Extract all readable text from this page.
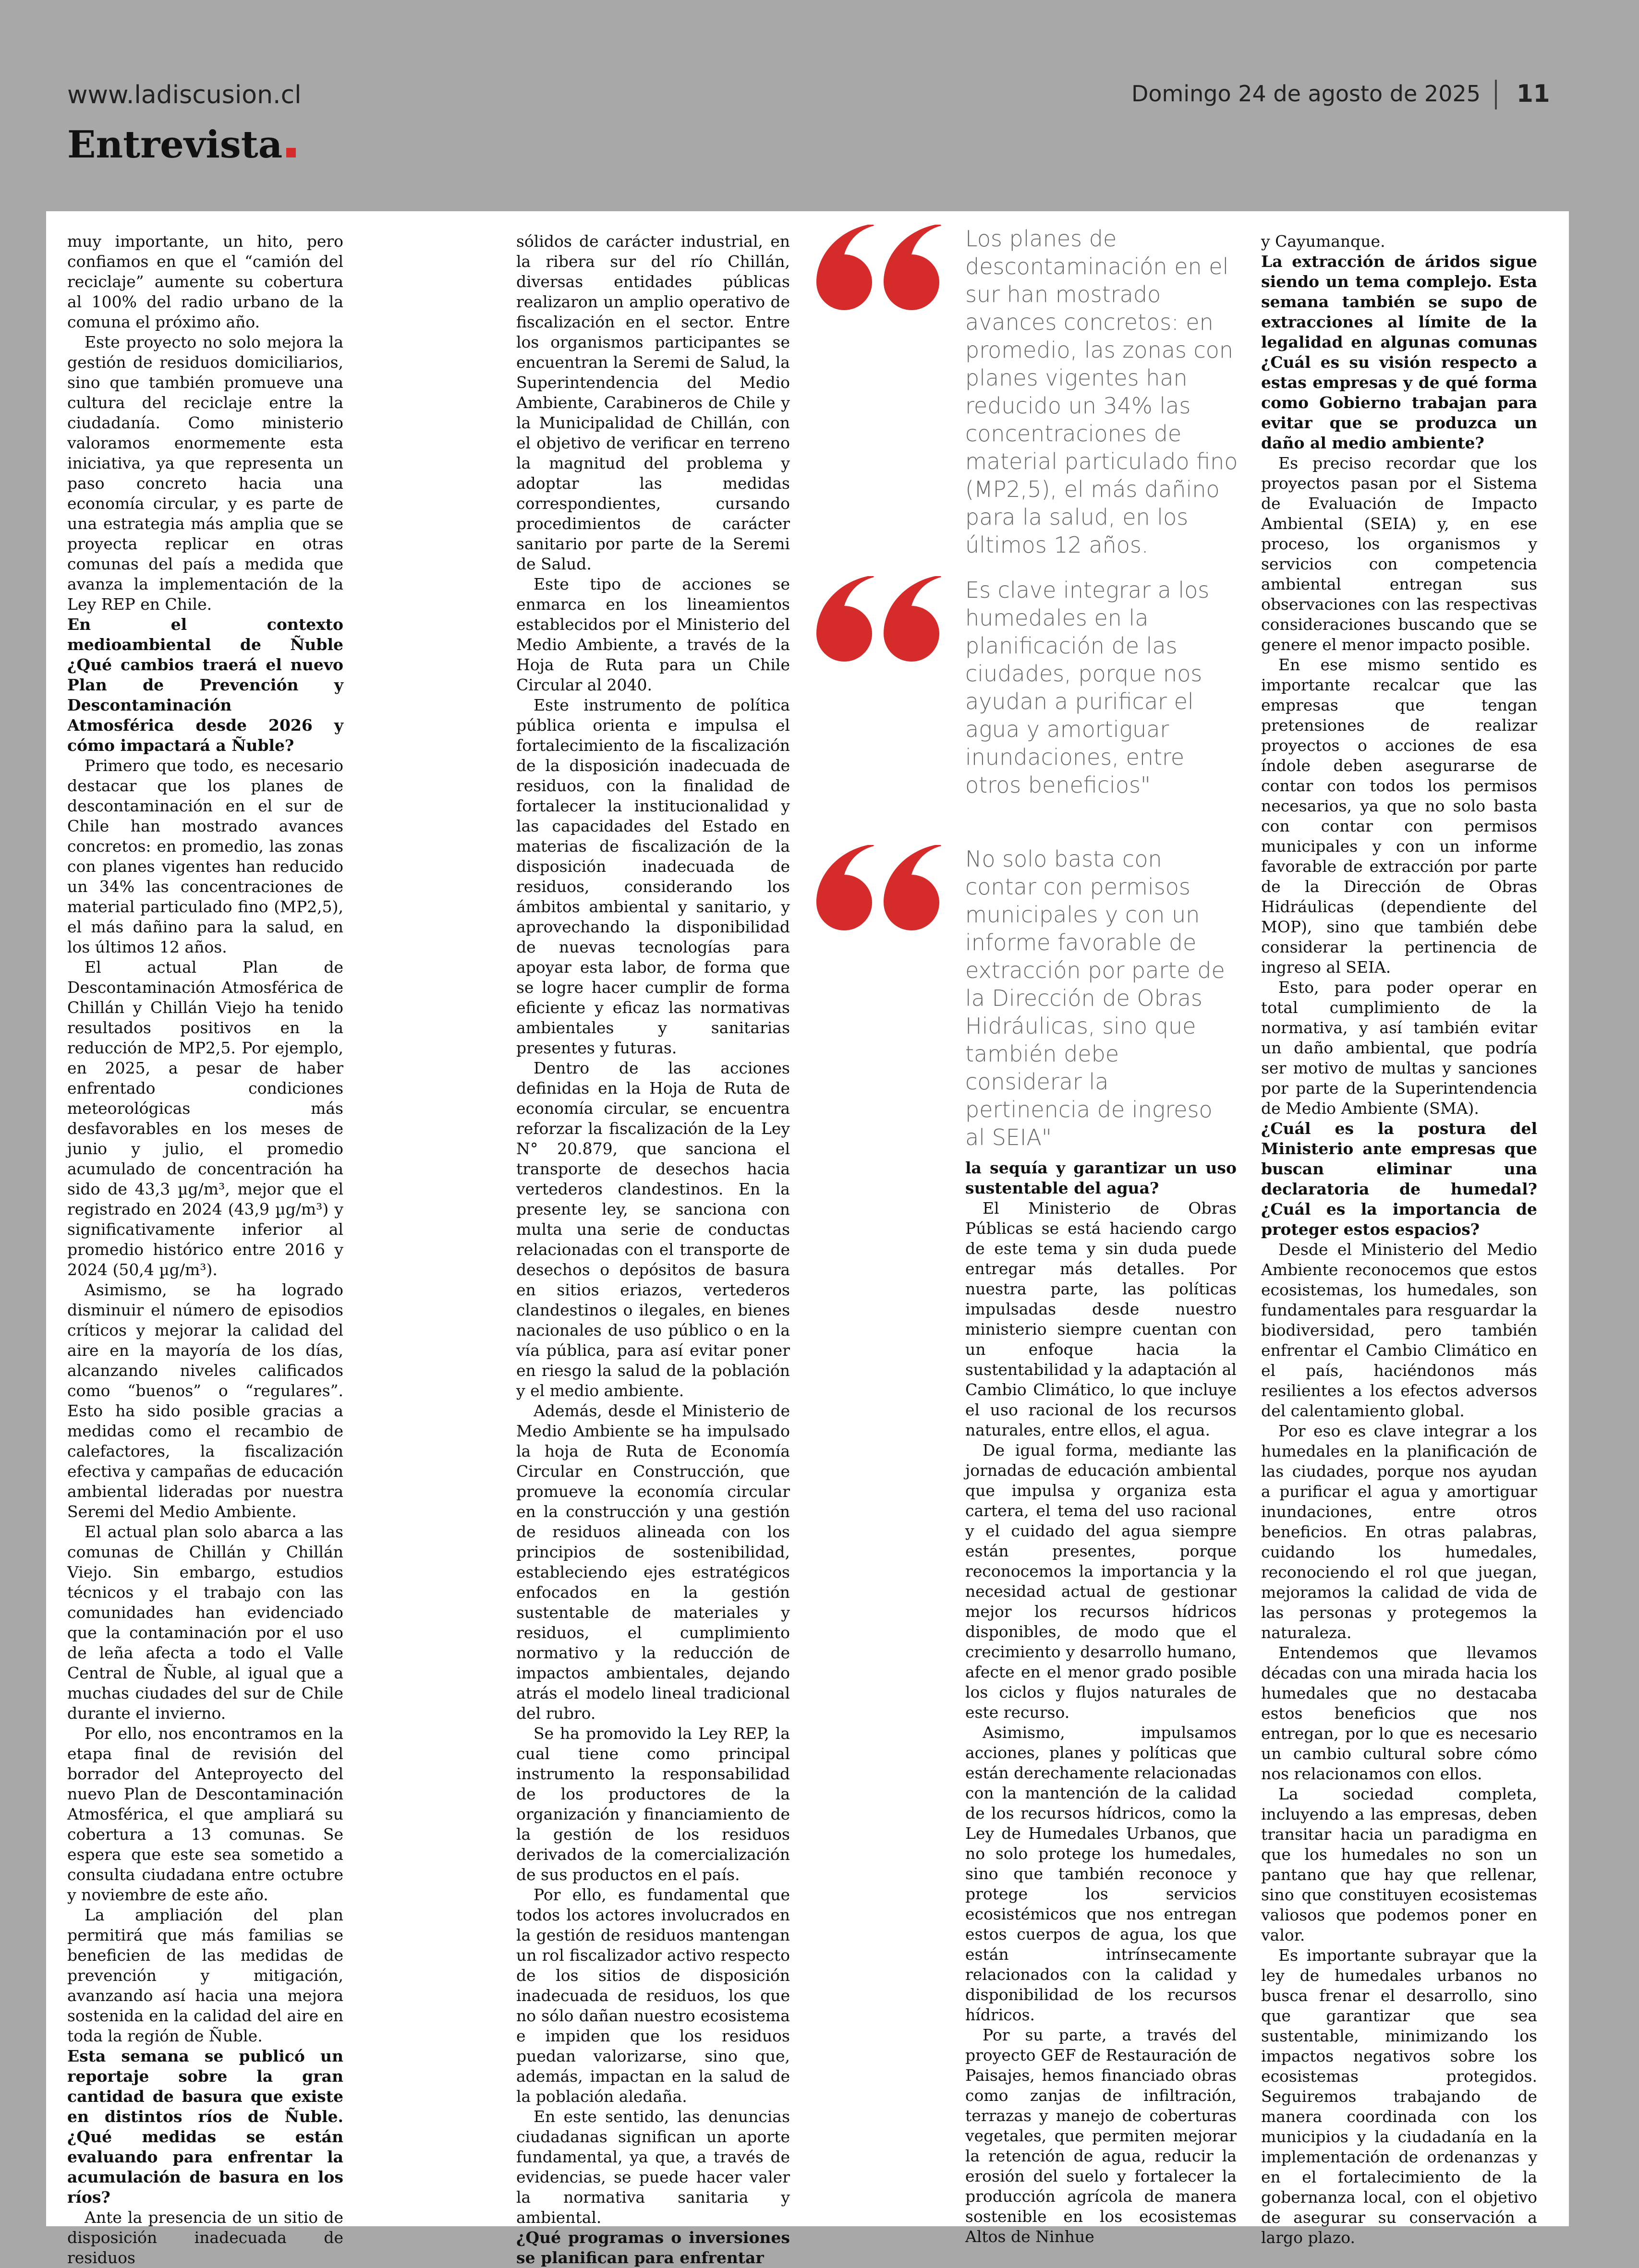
www.ladiscusion.cl	Domingo 24 de agosto de 2025 11
Entrevista

muy importante, un hito, pero confiamos en que el “camión del reciclaje” aumente su cobertura al 100% del radio urbano de la comuna el próximo año.

Este proyecto no solo mejora la gestión de residuos domiciliarios, sino que también promueve una cultura del reciclaje entre la ciudadanía. Como ministerio valoramos enormemente esta iniciativa, ya que representa un paso concreto hacia una economía circular, y es parte de una estrategia más amplia que se proyecta replicar en otras comunas del país a medida que avanza la implementación de la Ley REP en Chile.

En el contexto medioambiental de Ñuble ¿Qué cambios traerá el nuevo Plan de Prevención y Descontaminación Atmosférica desde 2026 y cómo impactará a Ñuble?

Primero que todo, es necesario destacar que los planes de descontaminación en el sur de Chile han mostrado avances concretos: en promedio, las zonas con planes vigentes han reducido un 34% las concentraciones de material particulado fino (MP2,5), el más dañino para la salud, en los últimos 12 años.

El actual Plan de Descontaminación Atmosférica de Chillán y Chillán Viejo ha tenido resultados positivos en la reducción de MP2,5. Por ejemplo, en 2025, a pesar de haber enfrentado condiciones meteorológicas más desfavorables en los meses de junio y julio, el promedio acumulado de concentración ha sido de 43,3 µg/m³, mejor que el registrado en 2024 (43,9 µg/m³) y significativamente inferior al promedio histórico entre 2016 y 2024 (50,4 µg/m³).

Asimismo, se ha logrado disminuir el número de episodios críticos y mejorar la calidad del aire en la mayoría de los días, alcanzando niveles calificados como “buenos” o “regulares”. Esto ha sido posible gracias a medidas como el recambio de calefactores, la fiscalización efectiva y campañas de educación ambiental lideradas por nuestra Seremi del Medio Ambiente.

El actual plan solo abarca a las comunas de Chillán y Chillán Viejo. Sin embargo, estudios técnicos y el trabajo con las comunidades han evidenciado que la contaminación por el uso de leña afecta a todo el Valle Central de Ñuble, al igual que a muchas ciudades del sur de Chile durante el invierno.

Por ello, nos encontramos en la etapa final de revisión del borrador del Anteproyecto del nuevo Plan de Descontaminación Atmosférica, el que ampliará su cobertura a 13 comunas. Se espera que este sea sometido a consulta ciudadana entre octubre y noviembre de este año.

La ampliación del plan permitirá que más familias se beneficien de las medidas de prevención y mitigación, avanzando así hacia una mejora sostenida en la calidad del aire en toda la región de Ñuble.

Esta semana se publicó un reportaje sobre la gran cantidad de basura que existe en distintos ríos de Ñuble. ¿Qué medidas se están evaluando para enfrentar la acumulación de basura en los ríos?

Ante la presencia de un sitio de disposición inadecuada de residuos

sólidos de carácter industrial, en la ribera sur del río Chillán, diversas entidades públicas realizaron un amplio operativo de fiscalización en el sector. Entre los organismos participantes se encuentran la Seremi de Salud, la Superintendencia del Medio Ambiente, Carabineros de Chile y la Municipalidad de Chillán, con el objetivo de verificar en terreno la magnitud del problema y adoptar las medidas correspondientes, cursando procedimientos de carácter sanitario por parte de la Seremi de Salud.

Este tipo de acciones se enmarca en los lineamientos establecidos por el Ministerio del Medio Ambiente, a través de la Hoja de Ruta para un Chile Circular al 2040.

Este instrumento de política pública orienta e impulsa el fortalecimiento de la fiscalización de la disposición inadecuada de residuos, con la finalidad de fortalecer la institucionalidad y las capacidades del Estado en materias de fiscalización de la disposición inadecuada de residuos, considerando los ámbitos ambiental y sanitario, y aprovechando la disponibilidad de nuevas tecnologías para apoyar esta labor, de forma que se logre hacer cumplir de forma eficiente y eficaz las normativas ambientales y sanitarias presentes y futuras.

Dentro de las acciones definidas en la Hoja de Ruta de economía circular, se encuentra reforzar la fiscalización de la Ley N° 20.879, que sanciona el transporte de desechos hacia vertederos clandestinos. En la presente ley, se sanciona con multa una serie de conductas relacionadas con el transporte de desechos o depósitos de basura en sitios eriazos, vertederos clandestinos o ilegales, en bienes nacionales de uso público o en la vía pública, para así evitar poner en riesgo la salud de la población y el medio ambiente.

Además, desde el Ministerio de Medio Ambiente se ha impulsado la hoja de Ruta de Economía Circular en Construcción, que promueve la economía circular en la construcción y una gestión de residuos alineada con los principios de sostenibilidad, estableciendo ejes estratégicos enfocados en la gestión sustentable de materiales y residuos, el cumplimiento normativo y la reducción de impactos ambientales, dejando atrás el modelo lineal tradicional del rubro.

Se ha promovido la Ley REP, la cual tiene como principal instrumento la responsabilidad de los productores de la organización y financiamiento de la gestión de los residuos derivados de la comercialización de sus productos en el país.

Por ello, es fundamental que todos los actores involucrados en la gestión de residuos mantengan un rol fiscalizador activo respecto de los sitios de disposición inadecuada de residuos, los que no sólo dañan nuestro ecosistema e impiden que los residuos puedan valorizarse, sino que, además, impactan en la salud de la población aledaña.

En este sentido, las denuncias ciudadanas significan un aporte fundamental, ya que, a través de evidencias, se puede hacer valer la normativa sanitaria y ambiental.

¿Qué programas o inversiones se planifican para enfrentar

Los planes de descontaminación en el sur han mostrado avances concretos: en promedio, las zonas con planes vigentes han reducido un 34% las concentraciones de material particulado fino (MP2,5), el más dañino para la salud, en los últimos 12 años.
Es clave integrar a los humedales en la planificación de las ciudades, porque nos ayudan a purificar el agua y amortiguar inundaciones, entre otros beneficios"
No solo basta con contar con permisos municipales y con un informe favorable de extracción por parte de la Dirección de Obras Hidráulicas, sino que también debe considerar la pertinencia de ingreso al SEIA"

la sequía y garantizar un uso sustentable del agua?

El Ministerio de Obras Públicas se está haciendo cargo de este tema y sin duda puede entregar más detalles. Por nuestra parte, las políticas impulsadas desde nuestro ministerio siempre cuentan con un enfoque hacia la sustentabilidad y la adaptación al Cambio Climático, lo que incluye el uso racional de los recursos naturales, entre ellos, el agua.

De igual forma, mediante las jornadas de educación ambiental que impulsa y organiza esta cartera, el tema del uso racional y el cuidado del agua siempre están presentes, porque reconocemos la importancia y la necesidad actual de gestionar mejor los recursos hídricos disponibles, de modo que el crecimiento y desarrollo humano, afecte en el menor grado posible los ciclos y flujos naturales de este recurso.

Asimismo, impulsamos acciones, planes y políticas que están derechamente relacionadas con la mantención de la calidad de los recursos hídricos, como la Ley de Humedales Urbanos, que no solo protege los humedales, sino que también reconoce y protege los servicios ecosistémicos que nos entregan estos cuerpos de agua, los que están intrínsecamente relacionados con la calidad y disponibilidad de los recursos hídricos.

Por su parte, a través del proyecto GEF de Restauración de Paisajes, hemos financiado obras como zanjas de infiltración, terrazas y manejo de coberturas vegetales, que permiten mejorar la retención de agua, reducir la erosión del suelo y fortalecer la producción agrícola de manera sostenible en los ecosistemas Altos de Ninhue

y Cayumanque.

La extracción de áridos sigue siendo un tema complejo. Esta semana también se supo de extracciones al límite de la legalidad en algunas comunas ¿Cuál es su visión respecto a estas empresas y de qué forma como Gobierno trabajan para evitar que se produzca un daño al medio ambiente?

Es preciso recordar que los proyectos pasan por el Sistema de Evaluación de Impacto Ambiental (SEIA) y, en ese proceso, los organismos y servicios con competencia ambiental entregan sus observaciones con las respectivas consideraciones buscando que se genere el menor impacto posible.

En ese mismo sentido es importante recalcar que las empresas que tengan pretensiones de realizar proyectos o acciones de esa índole deben asegurarse de contar con todos los permisos necesarios, ya que no solo basta con contar con permisos municipales y con un informe favorable de extracción por parte de la Dirección de Obras Hidráulicas (dependiente del MOP), sino que también debe considerar la pertinencia de ingreso al SEIA.

Esto, para poder operar en total cumplimiento de la normativa, y así también evitar un daño ambiental, que podría ser motivo de multas y sanciones por parte de la Superintendencia de Medio Ambiente (SMA).

¿Cuál es la postura del Ministerio ante empresas que buscan eliminar una declaratoria de humedal? ¿Cuál es la importancia de proteger estos espacios?

Desde el Ministerio del Medio Ambiente reconocemos que estos ecosistemas, los humedales, son fundamentales para resguardar la biodiversidad, pero también enfrentar el Cambio Climático en el país, haciéndonos más resilientes a los efectos adversos del calentamiento global.

Por eso es clave integrar a los humedales en la planificación de las ciudades, porque nos ayudan a purificar el agua y amortiguar inundaciones, entre otros beneficios. En otras palabras, cuidando los humedales, reconociendo el rol que juegan, mejoramos la calidad de vida de las personas y protegemos la naturaleza.

Entendemos que llevamos décadas con una mirada hacia los humedales que no destacaba estos beneficios que nos entregan, por lo que es necesario un cambio cultural sobre cómo nos relacionamos con ellos.

La sociedad completa, incluyendo a las empresas, deben transitar hacia un paradigma en que los humedales no son un pantano que hay que rellenar, sino que constituyen ecosistemas valiosos que podemos poner en valor.

Es importante subrayar que la ley de humedales urbanos no busca frenar el desarrollo, sino que garantizar que sea sustentable, minimizando los impactos negativos sobre los ecosistemas protegidos. Seguiremos trabajando de manera coordinada con los municipios y la ciudadanía en la implementación de ordenanzas y en el fortalecimiento de la gobernanza local, con el objetivo de asegurar su conservación a largo plazo.
